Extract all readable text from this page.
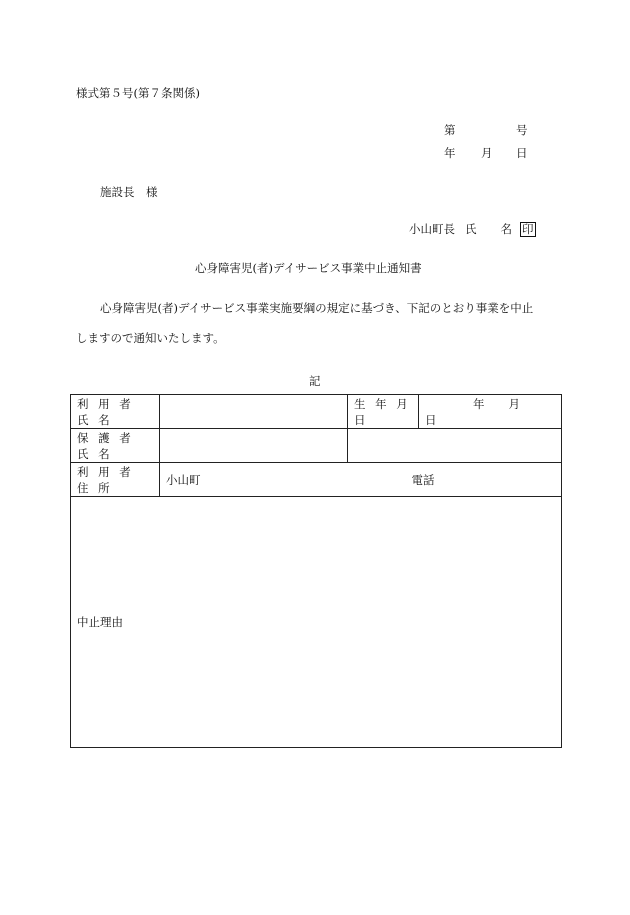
様式第５号(第７条関係)
第	号
年 月 日
施設長　様
小山町長 氏 名 印
心身障害児(者)デイサービス事業中止通知書
心身障害児(者)デイサービス事業実施要綱の規定に基づき、下記のとおり事業を中止
しますので通知いたします。
記
利 用 者 氏 名		生 年 月 日	年 月日
保 護 者 氏 名			
利 用 者 住 所	小山町 電話		
中止理由			
